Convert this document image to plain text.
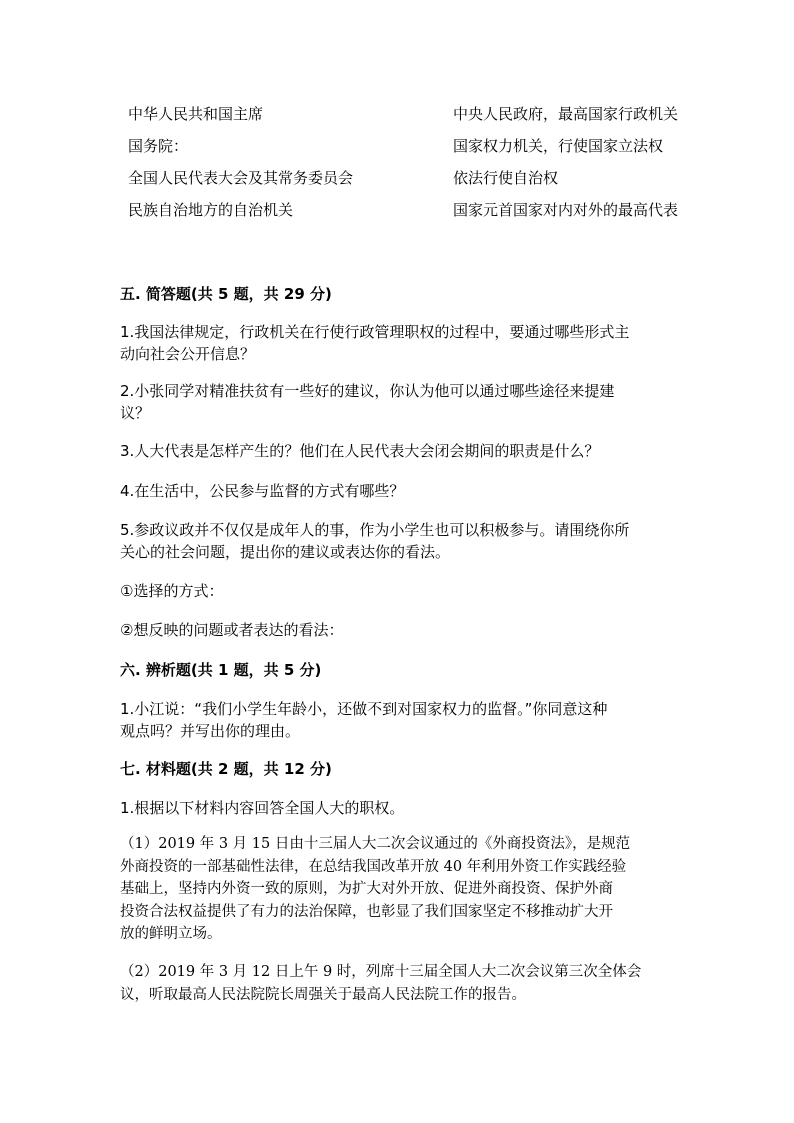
中华人民共和国主席	中央人民政府，最高国家行政机关
国务院：	国家权力机关，行使国家立法权
全国人民代表大会及其常务委员会	依法行使自治权
民族自治地方的自治机关	国家元首国家对内对外的最高代表
五. 简答题(共 5 题，共 29 分)
1.我国法律规定，行政机关在行使行政管理职权的过程中，要通过哪些形式主
动向社会公开信息？
2.小张同学对精准扶贫有一些好的建议，你认为他可以通过哪些途径来提建
议？
3.人大代表是怎样产生的？他们在人民代表大会闭会期间的职责是什么？
4.在生活中，公民参与监督的方式有哪些？
5.参政议政并不仅仅是成年人的事，作为小学生也可以积极参与。请围绕你所
关心的社会问题，提出你的建议或表达你的看法。
①选择的方式：
②想反映的问题或者表达的看法：
六. 辨析题(共 1 题，共 5 分)
1.小江说：“我们小学生年龄小，还做不到对国家权力的监督。”你同意这种
观点吗？并写出你的理由。
七. 材料题(共 2 题，共 12 分)
1.根据以下材料内容回答全国人大的职权。
（1）2019 年 3 月 15 日由十三届人大二次会议通过的《外商投资法》，是规范
外商投资的一部基础性法律，在总结我国改革开放 40 年利用外资工作实践经验
基础上，坚持内外资一致的原则，为扩大对外开放、促进外商投资、保护外商
投资合法权益提供了有力的法治保障，也彰显了我们国家坚定不移推动扩大开
放的鲜明立场。
（2）2019 年 3 月 12 日上午 9 时，列席十三届全国人大二次会议第三次全体会
议，听取最高人民法院院长周强关于最高人民法院工作的报告。
